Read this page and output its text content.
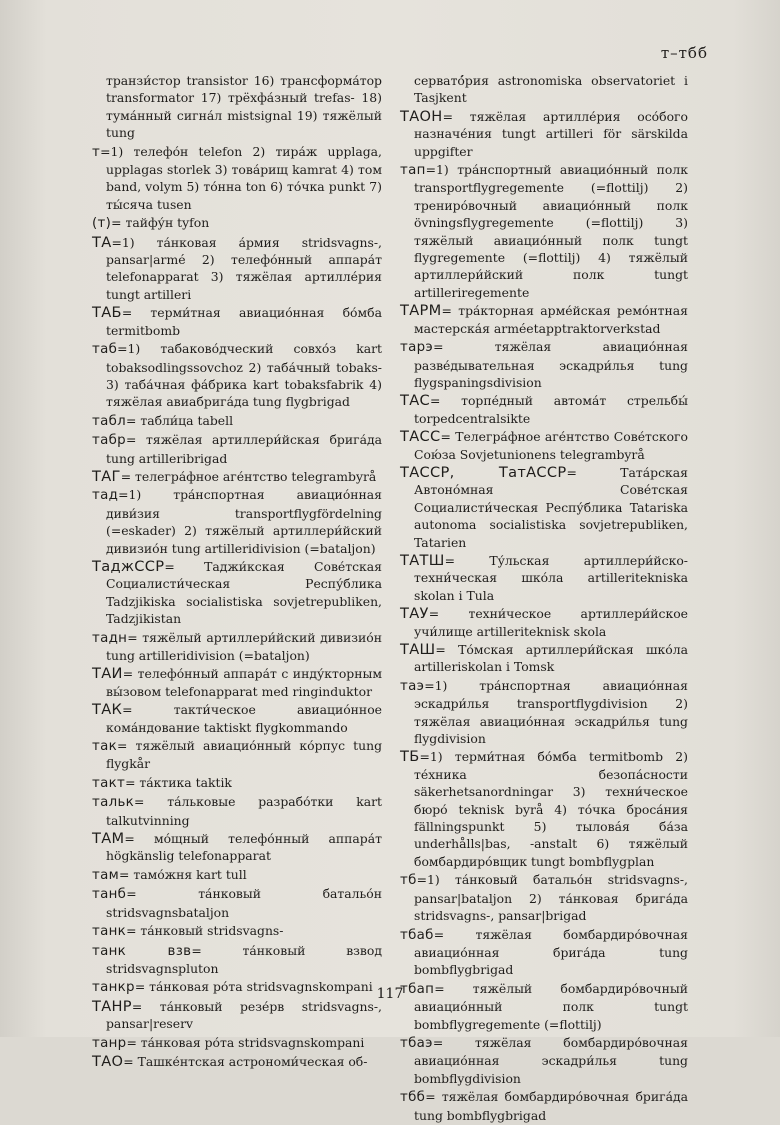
т–тбб

транзи́стор transistor 16) трансформа́тор transformator 17) трёхфа́зный trefas- 18) тума́нный сигна́л mistsignal 19) тяжёлый tung

т=1) телефо́н telefon 2) тира́ж upplaga, upplagas storlek 3) това́рищ kamrat 4) том band, volym 5) то́нна ton 6) то́чка punkt 7) ты́сяча tusen

(т)= тайфу́н tyfon

ТА=1) та́нковая а́рмия stridsvagns-, pansar|armé 2) телефо́нный аппара́т telefonapparat 3) тяжёлая артилле́рия tungt artilleri

ТАБ= терми́тная авиацио́нная бо́мба termitbomb

таб=1) табаково́дческий совхо́з kart tobaksodlingssovchoz 2) таба́чный tobaks- 3) таба́чная фа́брика kart tobaksfabrik 4) тяжёлая авиабрига́да tung flygbrigad

табл= табли́ца tabell

табр= тяжёлая артиллери́йская брига́да tung artilleribrigad

ТАГ= телегра́фное аге́нтство telegrambyrå

тад=1) тра́нспортная авиацио́нная диви́зия transportflygfördelning (=eskader) 2) тяжёлый артиллери́йский дивизио́н tung artilleridivision (=bataljon)

ТаджССР= Таджи́кская Сове́тская Социалисти́ческая Респу́блика Tadzjikiska socialistiska sovjetrepubliken, Tadzjikistan

тадн= тяжёлый артиллери́йский дивизио́н tung artilleridivision (=bataljon)

ТАИ= телефо́нный аппара́т с инду́кторным вы́зовом telefonapparat med ringinduktor

ТАК= такти́ческое авиацио́нное кома́ндование taktiskt flygkommando

так= тяжёлый авиацио́нный ко́рпус tung flygkår

такт= та́ктика taktik

тальк= та́льковые разрабо́тки kart talkutvinning

ТАМ= мо́щный телефо́нный аппара́т högkänslig telefonapparat

там= тамо́жня kart tull

танб= та́нковый батальо́н stridsvagnsbataljon

танк= та́нковый stridsvagns-

танк взв= та́нковый взвод stridsvagnspluton

танкр= та́нковая ро́та stridsvagnskompani

ТАНР= та́нковый резе́рв stridsvagns-, pansar|reserv

танр= та́нковая ро́та stridsvagnskompani

ТАО= Ташке́нтская астрономи́ческая об-

серватó́рия astronomiska observatoriet i Tasjkent

ТАОН= тяжёлая артилле́рия осо́бого назначе́ния tungt artilleri för särskilda uppgifter

тап=1) тра́нспортный авиацио́нный полк transportflygregemente (=flottilj) 2) трениро́вочный авиацио́нный полк övningsflygregemente (=flottilj) 3) тяжёлый авиацио́нный полк tungt flygregemente (=flottilj) 4) тяжёлый артиллери́йский полк tungt artilleriregemente

ТАРМ= тра́кторная арме́йская ремо́нтная мастерска́я arméetapptraktorverkstad

тарэ= тяжёлая авиацио́нная разве́дывательная эскадри́лья tung flygspaningsdivision

ТАС= торпе́дный автома́т стрельбы́ torpedcentralsikte

ТАСС= Телегра́фное аге́нтство Сове́тского Сою́за Sovjetunionens telegrambyrå

ТАССР, ТатАССР= Тата́рская Автоно́мная Сове́тская Социалисти́ческая Респу́блика Tatariska autonoma socialistiska sovjetrepubliken, Tatarien

ТАТШ= Ту́льская артиллери́йско-техни́ческая шко́ла artilleritekniska skolan i Tula

ТАУ= техни́ческое артиллери́йское учи́лище artilleriteknisk skola

ТАШ= То́мская артиллери́йская шко́ла artilleriskolan i Tomsk

таэ=1) тра́нспортная авиацио́нная эскадри́лья transportflygdivision 2) тяжёлая авиацио́нная эскадри́лья tung flygdivision

ТБ=1) терми́тная бо́мба termitbomb 2) те́хника безопа́сности säkerhetsanordningar 3) техни́ческое бюро́ teknisk byrå 4) то́чка броса́ния fällningspunkt 5) тыловáя ба́за underhålls|bas, -anstalt 6) тяжёлый бомбардиро́вщик tungt bombflygplan

тб=1) та́нковый батальо́н stridsvagns-, pansar|bataljon 2) та́нковая брига́да stridsvagns-, pansar|brigad

тбаб= тяжёлая бомбардиро́вочная авиацио́нная брига́да tung bombflygbrigad

тбап= тяжёлый бомбардиро́вочный авиацио́нный полк tungt bombflygregemente (=flottilj)

тбаэ= тяжёлая бомбардиро́вочная авиацио́нная эскадри́лья tung bombflygdivision

тбб= тяжёлая бомбардиро́вочная брига́да tung bombflygbrigad

117
